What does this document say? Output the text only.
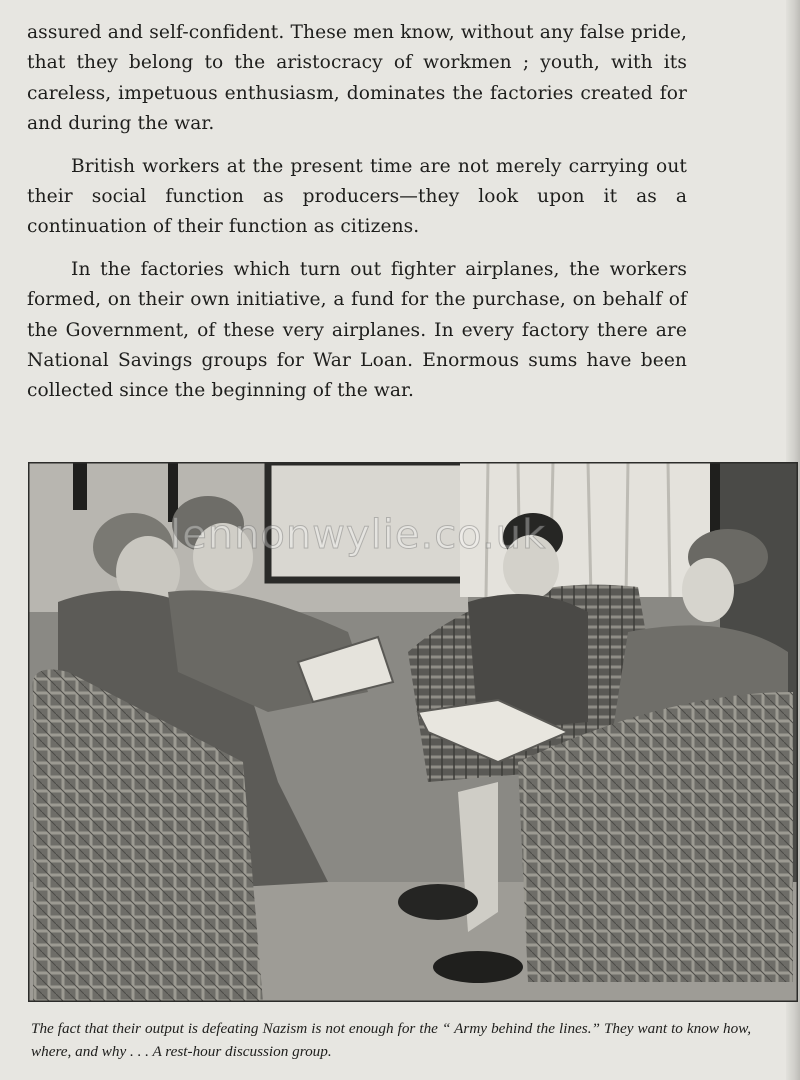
assured and self-confident. These men know, without any false pride, that they belong to the aristocracy of workmen ; youth, with its careless, impetuous enthusiasm, dominates the factories created for and during the war.

British workers at the present time are not merely carrying out their social function as producers—they look upon it as a continuation of their function as citizens.

In the factories which turn out fighter airplanes, the workers formed, on their own initiative, a fund for the purchase, on behalf of the Government, of these very airplanes. In every factory there are National Savings groups for War Loan. Enormous sums have been collected since the beginning of the war.

lennonwylie.co.uk
The fact that their output is defeating Nazism is not enough for the “ Army behind the lines.” They want to know how, where, and why . . . A rest-hour discussion group.
